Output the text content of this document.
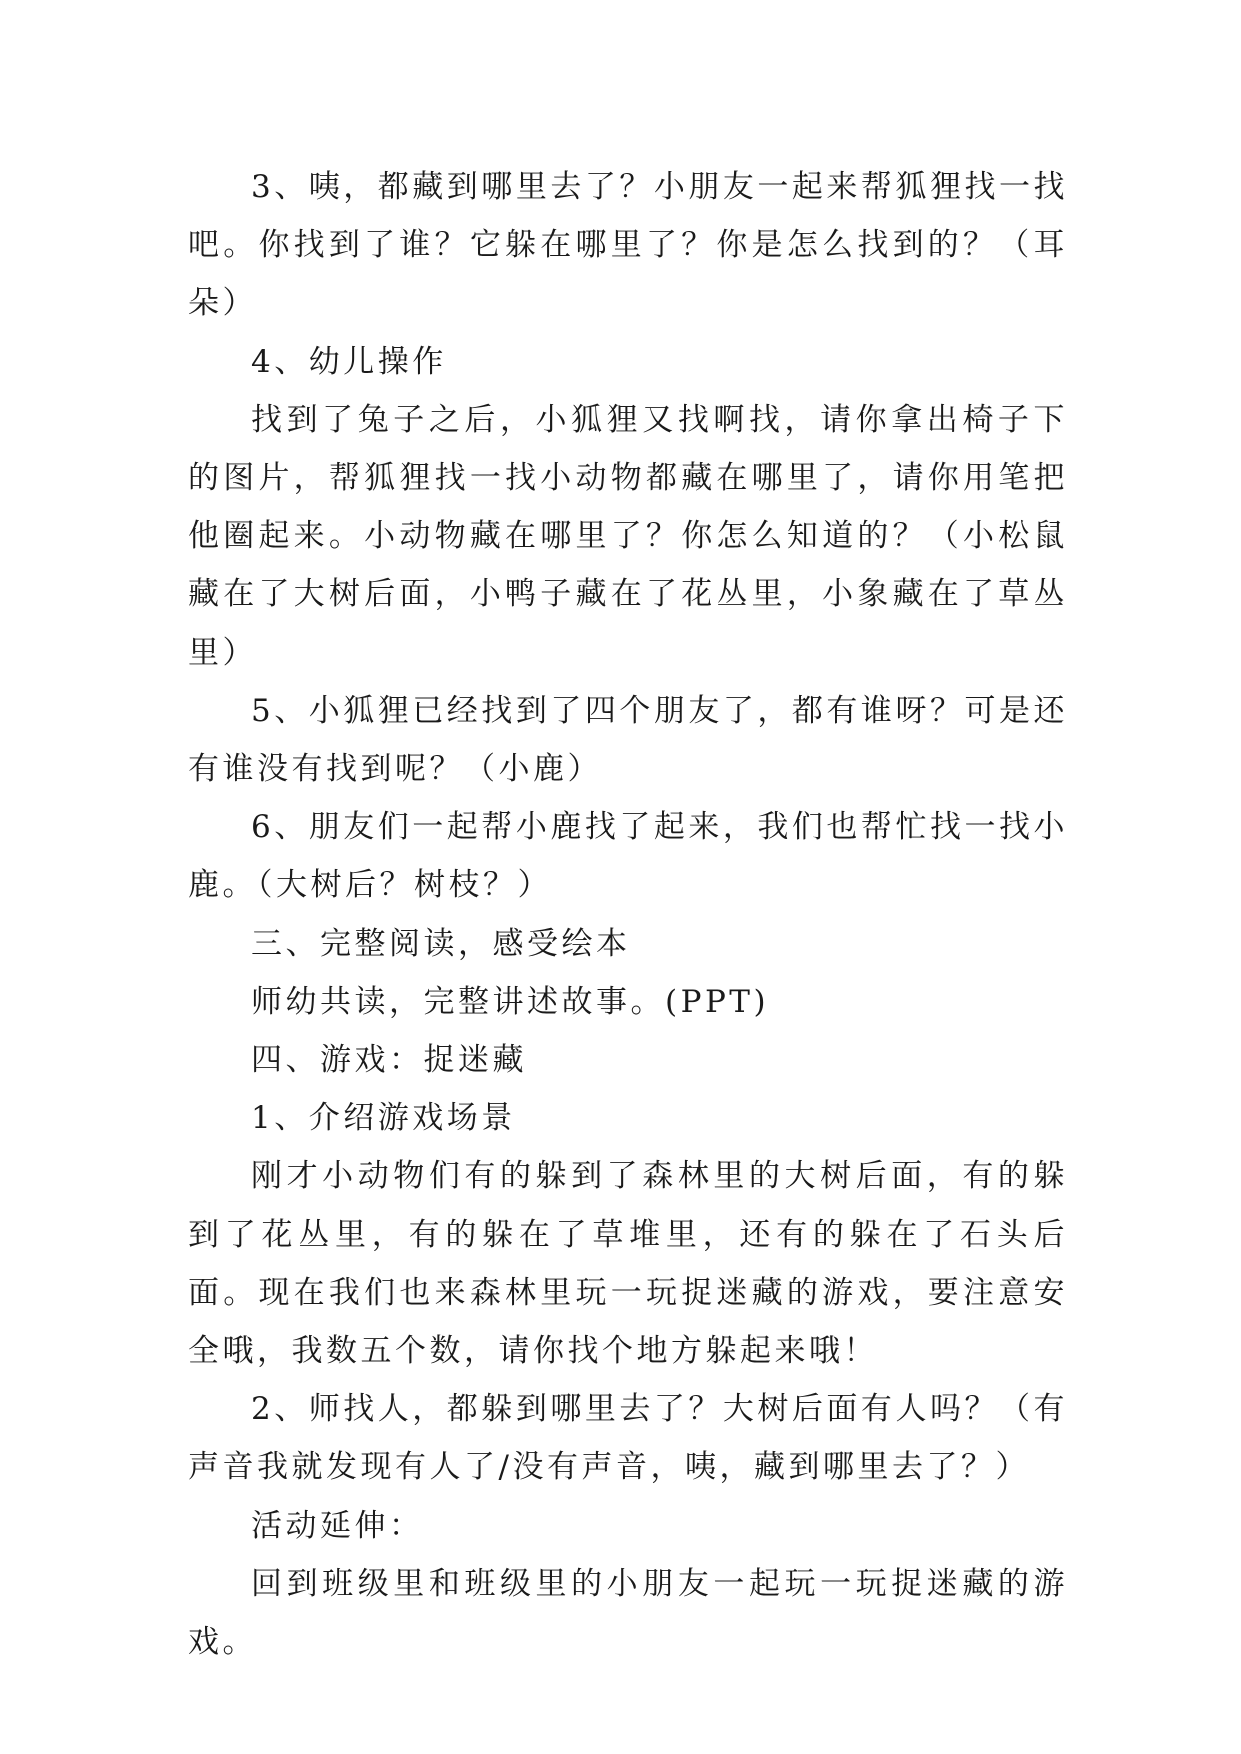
3、咦，都藏到哪里去了？小朋友一起来帮狐狸找一找吧。你找到了谁？它躲在哪里了？你是怎么找到的？（耳朵）

4、幼儿操作

找到了兔子之后，小狐狸又找啊找，请你拿出椅子下的图片，帮狐狸找一找小动物都藏在哪里了，请你用笔把他圈起来。小动物藏在哪里了？你怎么知道的？（小松鼠藏在了大树后面，小鸭子藏在了花丛里，小象藏在了草丛里）

5、小狐狸已经找到了四个朋友了，都有谁呀？可是还有谁没有找到呢？（小鹿）

6、朋友们一起帮小鹿找了起来，我们也帮忙找一找小鹿。（大树后？树枝？）

三、完整阅读，感受绘本

师幼共读，完整讲述故事。(PPT)

四、游戏：捉迷藏

1、介绍游戏场景

刚才小动物们有的躲到了森林里的大树后面，有的躲到了花丛里，有的躲在了草堆里，还有的躲在了石头后面。现在我们也来森林里玩一玩捉迷藏的游戏，要注意安全哦，我数五个数，请你找个地方躲起来哦！

2、师找人，都躲到哪里去了？大树后面有人吗？（有声音我就发现有人了/没有声音，咦，藏到哪里去了？）

活动延伸：

回到班级里和班级里的小朋友一起玩一玩捉迷藏的游戏。
